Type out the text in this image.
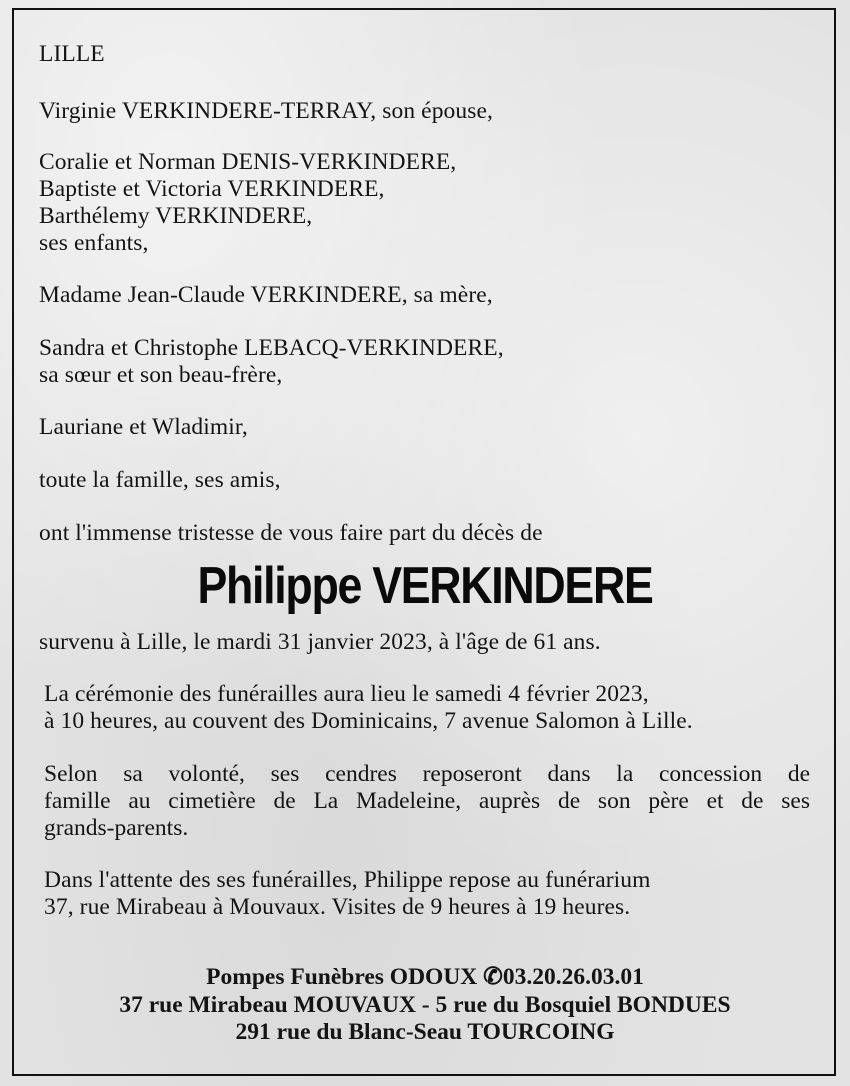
LILLE
Virginie VERKINDERE-TERRAY, son épouse,
Coralie et Norman DENIS-VERKINDERE,
Baptiste et Victoria VERKINDERE,
Barthélemy VERKINDERE,
ses enfants,
Madame Jean-Claude VERKINDERE, sa mère,
Sandra et Christophe LEBACQ-VERKINDERE,
sa sœur et son beau-frère,
Lauriane et Wladimir,
toute la famille, ses amis,
ont l'immense tristesse de vous faire part du décès de
Philippe VERKINDERE
survenu à Lille, le mardi 31 janvier 2023, à l'âge de 61 ans.
La cérémonie des funérailles aura lieu le samedi 4 février 2023,
à 10 heures, au couvent des Dominicains, 7 avenue Salomon à Lille.
Selon sa volonté, ses cendres reposeront dans la concession de
famille au cimetière de La Madeleine, auprès de son père et de ses
grands-parents.
Dans l'attente des ses funérailles, Philippe repose au funérarium
37, rue Mirabeau à Mouvaux. Visites de 9 heures à 19 heures.
Pompes Funèbres ODOUX ✆03.20.26.03.01
37 rue Mirabeau MOUVAUX - 5 rue du Bosquiel BONDUES
291 rue du Blanc-Seau TOURCOING
